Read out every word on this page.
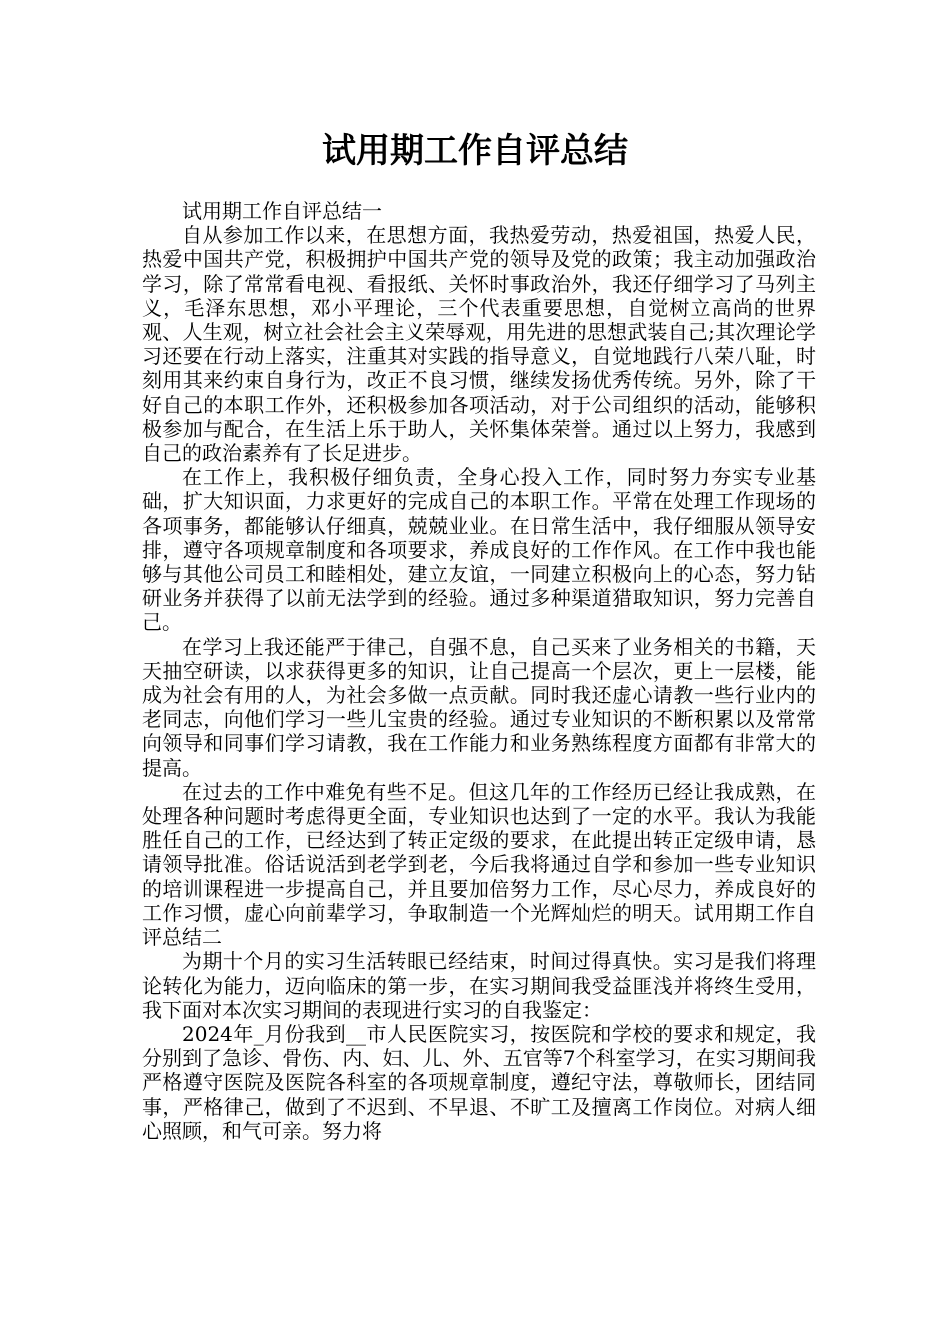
试用期工作自评总结

试用期工作自评总结一

自从参加工作以来，在思想方面，我热爱劳动，热爱祖国，热爱人民，热爱中国共产党，积极拥护中国共产党的领导及党的政策；我主动加强政治学习，除了常常看电视、看报纸、关怀时事政治外，我还仔细学习了马列主义，毛泽东思想，邓小平理论，三个代表重要思想，自觉树立高尚的世界观、人生观，树立社会社会主义荣辱观，用先进的思想武装自己;其次理论学习还要在行动上落实，注重其对实践的指导意义，自觉地践行八荣八耻，时刻用其来约束自身行为，改正不良习惯，继续发扬优秀传统。另外，除了干好自己的本职工作外，还积极参加各项活动，对于公司组织的活动，能够积极参加与配合，在生活上乐于助人，关怀集体荣誉。通过以上努力，我感到自己的政治素养有了长足进步。

在工作上，我积极仔细负责，全身心投入工作，同时努力夯实专业基础，扩大知识面，力求更好的完成自己的本职工作。平常在处理工作现场的各项事务，都能够认仔细真，兢兢业业。在日常生活中，我仔细服从领导安排，遵守各项规章制度和各项要求，养成良好的工作作风。在工作中我也能够与其他公司员工和睦相处，建立友谊，一同建立积极向上的心态，努力钻研业务并获得了以前无法学到的经验。通过多种渠道猎取知识，努力完善自己。

在学习上我还能严于律己，自强不息，自己买来了业务相关的书籍，天天抽空研读，以求获得更多的知识，让自己提高一个层次，更上一层楼，能成为社会有用的人，为社会多做一点贡献。同时我还虚心请教一些行业内的老同志，向他们学习一些儿宝贵的经验。通过专业知识的不断积累以及常常向领导和同事们学习请教，我在工作能力和业务熟练程度方面都有非常大的提高。

在过去的工作中难免有些不足。但这几年的工作经历已经让我成熟，在处理各种问题时考虑得更全面，专业知识也达到了一定的水平。我认为我能胜任自己的工作，已经达到了转正定级的要求，在此提出转正定级申请，恳请领导批准。俗话说活到老学到老，今后我将通过自学和参加一些专业知识的培训课程进一步提高自己，并且要加倍努力工作，尽心尽力，养成良好的工作习惯，虚心向前辈学习，争取制造一个光辉灿烂的明天。试用期工作自评总结二

为期十个月的实习生活转眼已经结束，时间过得真快。实习是我们将理论转化为能力，迈向临床的第一步，在实习期间我受益匪浅并将终生受用，我下面对本次实习期间的表现进行实习的自我鉴定：

2024年_月份我到__市人民医院实习，按医院和学校的要求和规定，我分别到了急诊、骨伤、内、妇、儿、外、五官等7个科室学习，在实习期间我严格遵守医院及医院各科室的各项规章制度，遵纪守法，尊敬师长，团结同事，严格律己，做到了不迟到、不早退、不旷工及擅离工作岗位。对病人细心照顾，和气可亲。努力将
